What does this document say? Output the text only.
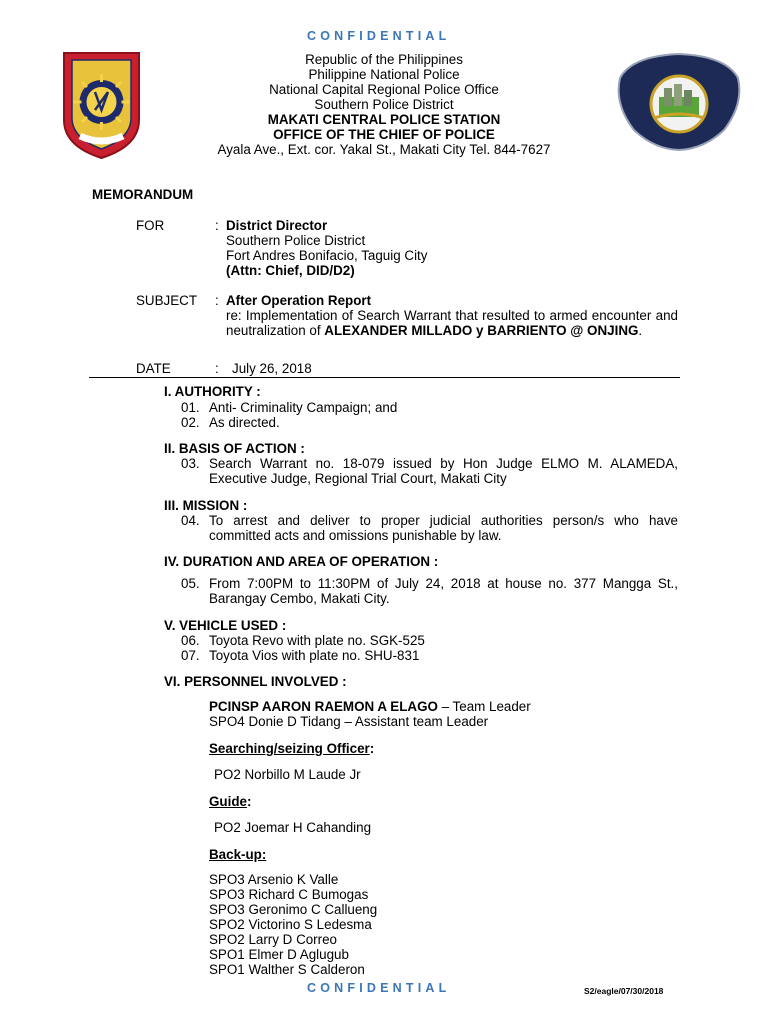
CONFIDENTIAL
Republic of the Philippines
Philippine National Police
National Capital Regional Police Office
Southern Police District
MAKATI CENTRAL POLICE STATION
OFFICE OF THE CHIEF OF POLICE
Ayala Ave., Ext. cor. Yakal St., Makati City Tel. 844-7627
MEMORANDUM
FOR	: District Director
Southern Police District
Fort Andres Bonifacio, Taguig City
(Attn: Chief, DID/D2)
SUBJECT : After Operation Report
re: Implementation of Search Warrant that resulted to armed encounter and neutralization of ALEXANDER MILLADO y BARRIENTO @ ONJING.
DATE	: July 26, 2018
I. AUTHORITY :
01. Anti- Criminality Campaign; and
02. As directed.
II. BASIS OF ACTION :
03. Search Warrant no. 18-079 issued by Hon Judge ELMO M. ALAMEDA, Executive Judge, Regional Trial Court, Makati City
III. MISSION :
04. To arrest and deliver to proper judicial authorities person/s who have committed acts and omissions punishable by law.
IV. DURATION AND AREA OF OPERATION :
05. From 7:00PM to 11:30PM of July 24, 2018 at house no. 377 Mangga St., Barangay Cembo, Makati City.
V. VEHICLE USED :
06. Toyota Revo with plate no. SGK-525
07. Toyota Vios with plate no. SHU-831
VI. PERSONNEL INVOLVED :
PCINSP AARON RAEMON A ELAGO – Team Leader
SPO4 Donie D Tidang – Assistant team Leader
Searching/seizing Officer:
PO2 Norbillo M Laude Jr
Guide:
PO2 Joemar H Cahanding
Back-up:
SPO3 Arsenio K Valle
SPO3 Richard C Bumogas
SPO3 Geronimo C Callueng
SPO2 Victorino S Ledesma
SPO2 Larry D Correo
SPO1 Elmer D Aglugub
SPO1 Walther S Calderon
CONFIDENTIAL	S2/eagle/07/30/2018
